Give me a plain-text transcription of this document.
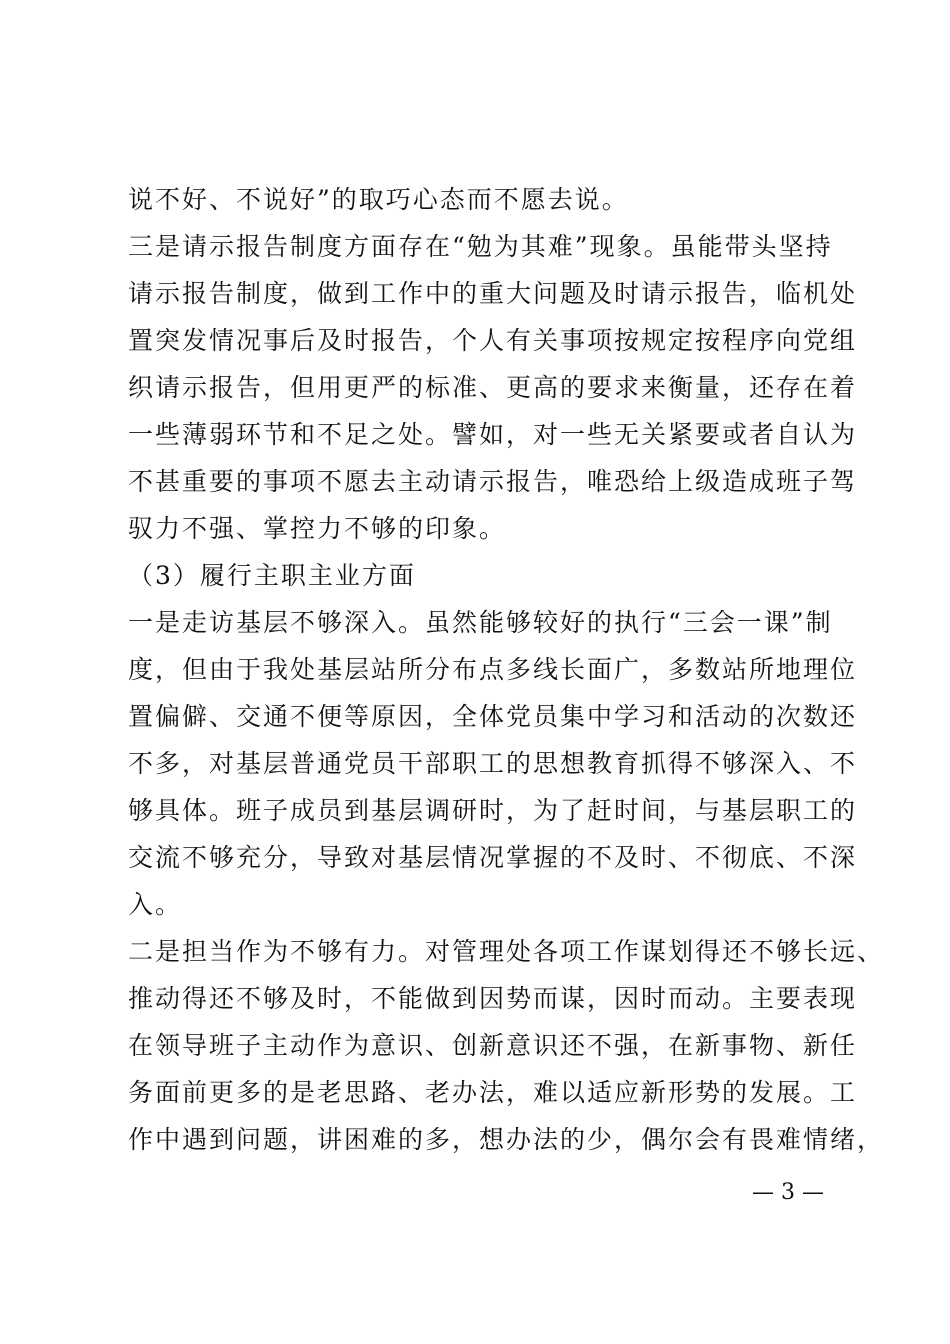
说不好、不说好”的取巧心态而不愿去说。
三是请示报告制度方面存在“勉为其难”现象。虽能带头坚持
请示报告制度，做到工作中的重大问题及时请示报告，临机处
置突发情况事后及时报告，个人有关事项按规定按程序向党组
织请示报告，但用更严的标准、更高的要求来衡量，还存在着
一些薄弱环节和不足之处。譬如，对一些无关紧要或者自认为
不甚重要的事项不愿去主动请示报告，唯恐给上级造成班子驾
驭力不强、掌控力不够的印象。
（3）履行主职主业方面
一是走访基层不够深入。虽然能够较好的执行“三会一课”制
度，但由于我处基层站所分布点多线长面广，多数站所地理位
置偏僻、交通不便等原因，全体党员集中学习和活动的次数还
不多，对基层普通党员干部职工的思想教育抓得不够深入、不
够具体。班子成员到基层调研时，为了赶时间，与基层职工的
交流不够充分，导致对基层情况掌握的不及时、不彻底、不深
入。
二是担当作为不够有力。对管理处各项工作谋划得还不够长远、
推动得还不够及时，不能做到因势而谋，因时而动。主要表现
在领导班子主动作为意识、创新意识还不强，在新事物、新任
务面前更多的是老思路、老办法，难以适应新形势的发展。工
作中遇到问题，讲困难的多，想办法的少，偶尔会有畏难情绪，
— 3 —
